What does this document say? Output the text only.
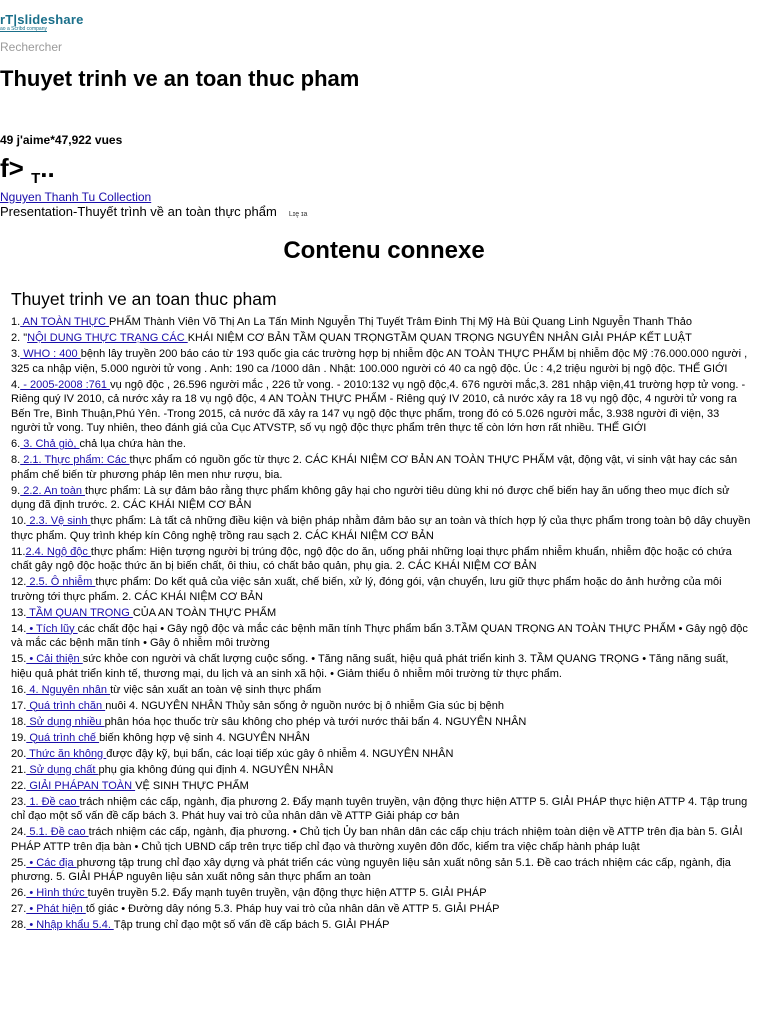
rT|slideshare
ao a Scribd company
Rechercher
Thuyet trinh ve an toan thuc pham
49 j'aime*47,922 vues
f> $_T$..
Nguyen Thanh Tu Collection
Presentation-Thuyết trình về an toàn thực phẩm Lɪę ɪa
Contenu connexe
Thuyet trinh ve an toan thuc pham

1. AN TOÀN THỰC PHẨM Thành Viên Võ Thị An La Tấn Minh Nguyễn Thị Tuyết Trâm Đinh Thị Mỹ Hà Bùi Quang Linh Nguyễn Thanh Thảo

2. "NỘI DUNG THỰC TRẠNG CÁC KHÁI NIỆM CƠ BẢN TẦM QUAN TRỌNGTẦM QUAN TRỌNG NGUYÊN NHÂN GIẢI PHÁP KẾT LUẬT

3. WHO : 400 bệnh lây truyền 200 báo cáo từ 193 quốc gia các trường hợp bị nhiễm độc AN TOÀN THỰC PHẨM bị nhiễm độc Mỹ :76.000.000 người , 325 ca nhập viện, 5.000 người tử vong . Anh: 190 ca /1000 dân . Nhật: 100.000 người có 40 ca ngộ độc. Úc : 4,2 triệu người bị ngộ độc. THẾ GIỚI

4. - 2005-2008 :761 vụ ngộ độc , 26.596 người mắc , 226 tử vong. - 2010:132 vụ ngộ độc,4. 676 người mắc,3. 281 nhập viện,41 trường hợp tử vong. - Riêng quý IV 2010, cả nước xảy ra 18 vụ ngộ độc, 4 AN TOÀN THỰC PHẨM - Riêng quý IV 2010, cả nước xảy ra 18 vụ ngộ độc, 4 người tử vong ra Bến Tre, Bình Thuận,Phú Yên. -Trong 2015, cả nước đã xảy ra 147 vụ ngộ độc thực phẩm, trong đó có 5.026 người mắc, 3.938 người đi viện, 33 người tử vong. Tuy nhiên, theo đánh giá của Cục ATVSTP, số vụ ngộ độc thực phẩm trên thực tế còn lớn hơn rất nhiều. THẾ GIỚI

6. 3. Chả giò, chả lụa chứa hàn the.

8. 2.1. Thực phẩm: Các thực phẩm có nguồn gốc từ thực 2. CÁC KHÁI NIỆM CƠ BẢN AN TOÀN THỰC PHẨM vật, động vật, vi sinh vật hay các sản phẩm chế biến từ phương pháp lên men như rượu, bia.

9. 2.2. An toàn thực phẩm: Là sự đảm bảo rằng thực phẩm không gây hại cho người tiêu dùng khi nó được chế biến hay ăn uống theo mục đích sử dụng đã định trước. 2. CÁC KHÁI NIỆM CƠ BẢN

10. 2.3. Vệ sinh thực phẩm: Là tất cả những điều kiện và biện pháp nhằm đảm bảo sự an toàn và thích hợp lý của thực phẩm trong toàn bộ dây chuyền thực phẩm. Quy trình khép kín Công nghệ trồng rau sạch 2. CÁC KHÁI NIỆM CƠ BẢN

11.2.4. Ngộ độc thực phẩm: Hiện tượng người bị trúng độc, ngộ độc do ăn, uống phải những loại thực phẩm nhiễm khuẩn, nhiễm độc hoặc có chứa chất gây ngộ độc hoặc thức ăn bị biến chất, ôi thiu, có chất bảo quản, phụ gia. 2. CÁC KHÁI NIỆM CƠ BẢN

12. 2.5. Ô nhiễm thực phẩm: Do kết quả của việc sản xuất, chế biến, xử lý, đóng gói, vận chuyển, lưu giữ thực phẩm hoặc do ảnh hưởng của môi trường tới thực phẩm. 2. CÁC KHÁI NIỆM CƠ BẢN

13. TẦM QUAN TRỌNG CỦA AN TOÀN THỰC PHẨM

14. • Tích lũy các chất độc hại • Gây ngộ độc và mắc các bệnh mãn tính Thực phẩm bẩn 3.TẦM QUAN TRỌNG AN TOÀN THỰC PHẨM • Gây ngộ độc và mắc các bệnh mãn tính • Gây ô nhiễm môi trường

15. • Cải thiện sức khỏe con người và chất lượng cuộc sống. • Tăng năng suất, hiệu quả phát triển kinh 3. TẦM QUANG TRỌNG • Tăng năng suất, hiệu quả phát triển kinh tế, thương mại, du lịch và an sinh xã hội. • Giảm thiểu ô nhiễm môi trường từ thực phẩm.

16. 4. Nguyên nhân từ việc sản xuất an toàn vệ sinh thực phẩm

17. Quá trình chăn nuôi 4. NGUYÊN NHÂN Thủy sản sống ở nguồn nước bị ô nhiễm Gia súc bị bệnh

18. Sử dụng nhiều phân hóa học thuốc trừ sâu không cho phép và tưới nước thải bẩn 4. NGUYÊN NHÂN

19. Quá trình chế biến không hợp vệ sinh 4. NGUYÊN NHÂN

20. Thức ăn không được đậy kỹ, bụi bẩn, các loại tiếp xúc gây ô nhiễm 4. NGUYÊN NHÂN

21. Sử dụng chất phụ gia không đúng qui định 4. NGUYÊN NHÂN

22. GIẢI PHÁPAN TOÀN VỆ SINH THỰC PHẨM

23. 1. Đề cao trách nhiệm các cấp, ngành, địa phương 2. Đẩy mạnh tuyên truyền, vận động thực hiện ATTP 5. GIẢI PHÁP thực hiện ATTP 4. Tập trung chỉ đạo một số vấn đề cấp bách 3. Phát huy vai trò của nhân dân về ATTP Giải pháp cơ bản

24. 5.1. Đề cao trách nhiệm các cấp, ngành, địa phương. • Chủ tịch Ủy ban nhân dân các cấp chịu trách nhiệm toàn diện về ATTP trên địa bàn 5. GIẢI PHÁP ATTP trên địa bàn • Chủ tịch UBND cấp trên trực tiếp chỉ đạo và thường xuyên đôn đốc, kiểm tra việc chấp hành pháp luật

25. • Các địa phương tập trung chỉ đạo xây dựng và phát triển các vùng nguyên liệu sản xuất nông sản 5.1. Đề cao trách nhiệm các cấp, ngành, địa phương. 5. GIẢI PHÁP nguyên liệu sản xuất nông sản thực phẩm an toàn

26. • Hình thức tuyên truyền 5.2. Đẩy mạnh tuyên truyền, vận động thực hiện ATTP 5. GIẢI PHÁP

27. • Phát hiện tố giác • Đường dây nóng 5.3. Pháp huy vai trò của nhân dân về ATTP 5. GIẢI PHÁP

28. • Nhập khẩu 5.4. Tập trung chỉ đạo một số vấn đề cấp bách 5. GIẢI PHÁP
